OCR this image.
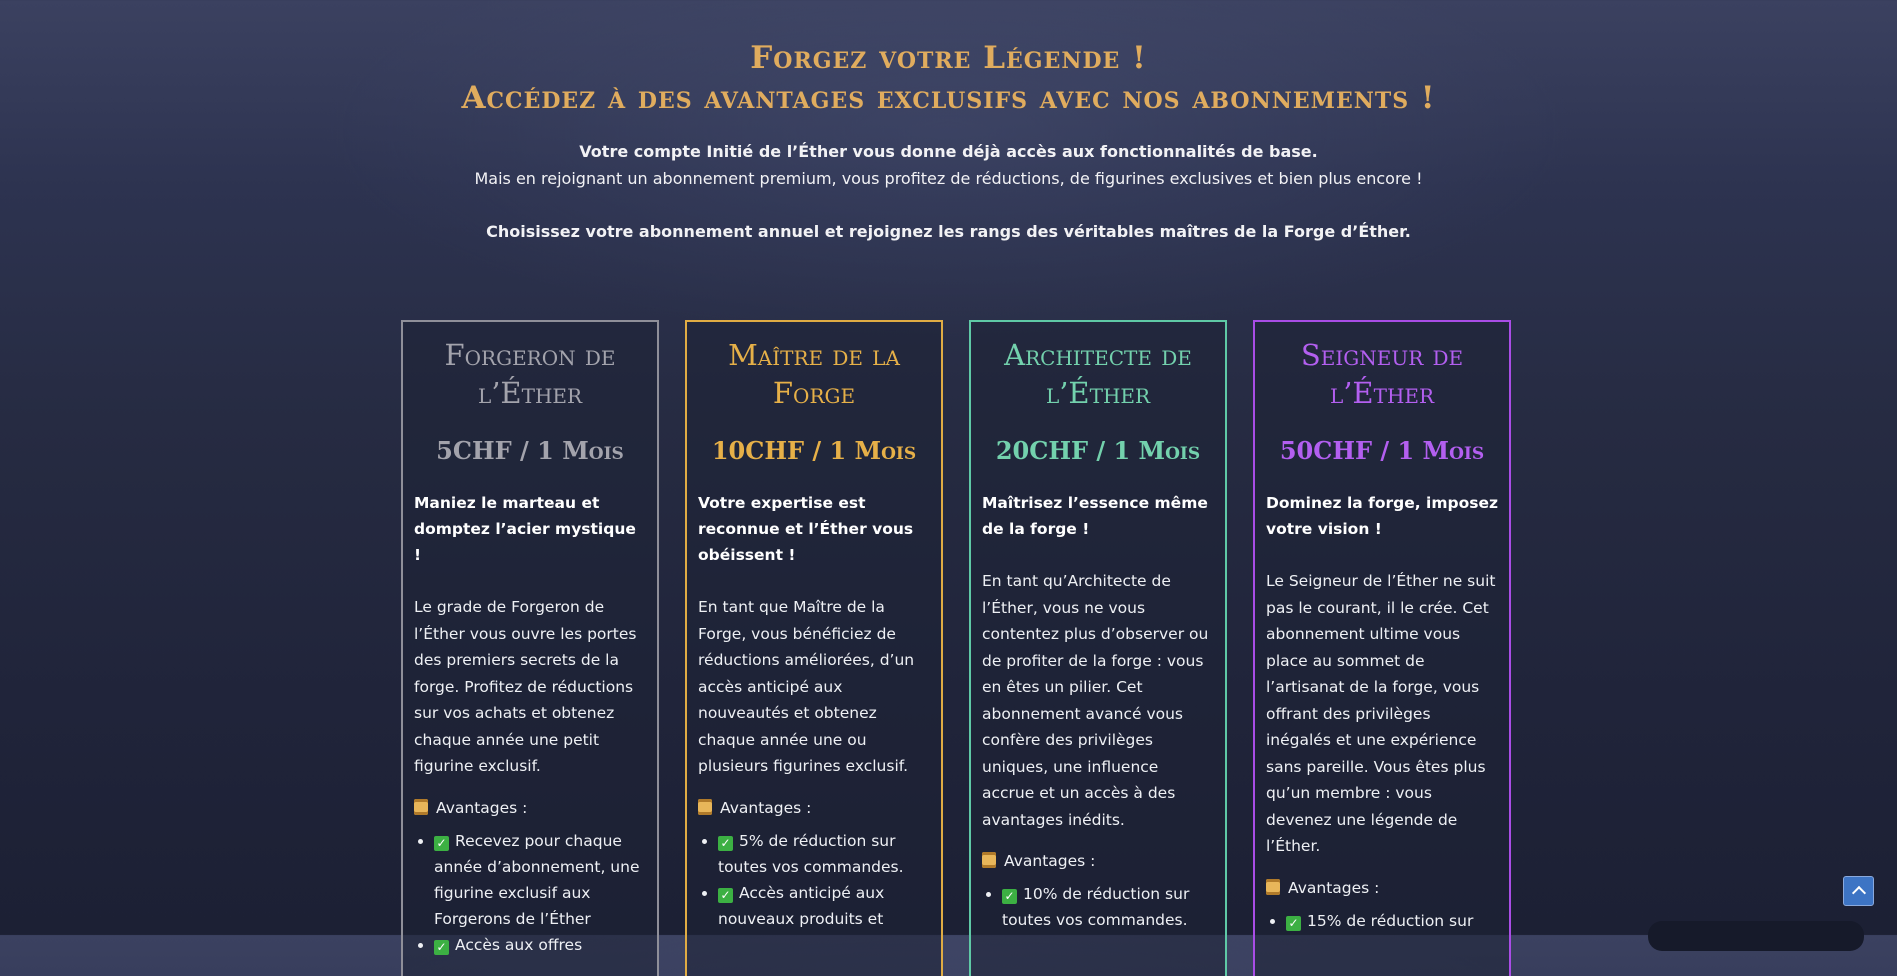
Forgez votre Légende !
Accédez à des avantages exclusifs avec nos abonnements !
Votre compte Initié de l’Éther vous donne déjà accès aux fonctionnalités de base.
Mais en rejoignant un abonnement premium, vous profitez de réductions, de figurines exclusives et bien plus encore !
Choisissez votre abonnement annuel et rejoignez les rangs des véritables maîtres de la Forge d’Éther.
Forgeron de l’Éther
5CHF / 1 Mois

Maniez le marteau et domptez l’acier mystique !

Le grade de Forgeron de l’Éther vous ouvre les portes des premiers secrets de la forge. Profitez de réductions sur vos achats et obtenez chaque année une petit figurine exclusif.

Avantages :
• ✓ Recevez pour chaque année d’abonnement, une figurine exclusif aux Forgerons de l’Éther
• ✓ Accès aux offres
Maître de la Forge
10CHF / 1 Mois

Votre expertise est reconnue et l’Éther vous obéissent !

En tant que Maître de la Forge, vous bénéficiez de réductions améliorées, d’un accès anticipé aux nouveautés et obtenez chaque année une ou plusieurs figurines exclusif.

Avantages :
• ✓ 5% de réduction sur toutes vos commandes.
• ✓ Accès anticipé aux nouveaux produits et
Architecte de l’Éther
20CHF / 1 Mois

Maîtrisez l’essence même de la forge !

En tant qu’Architecte de l’Éther, vous ne vous contentez plus d’observer ou de profiter de la forge : vous en êtes un pilier. Cet abonnement avancé vous confère des privilèges uniques, une influence accrue et un accès à des avantages inédits.

Avantages :
• ✓ 10% de réduction sur toutes vos commandes.
Seigneur de l’Éther
50CHF / 1 Mois

Dominez la forge, imposez votre vision !

Le Seigneur de l’Éther ne suit pas le courant, il le crée. Cet abonnement ultime vous place au sommet de l’artisanat de la forge, vous offrant des privilèges inégalés et une expérience sans pareille. Vous êtes plus qu’un membre : vous devenez une légende de l’Éther.

Avantages :
• ✓ 15% de réduction sur
